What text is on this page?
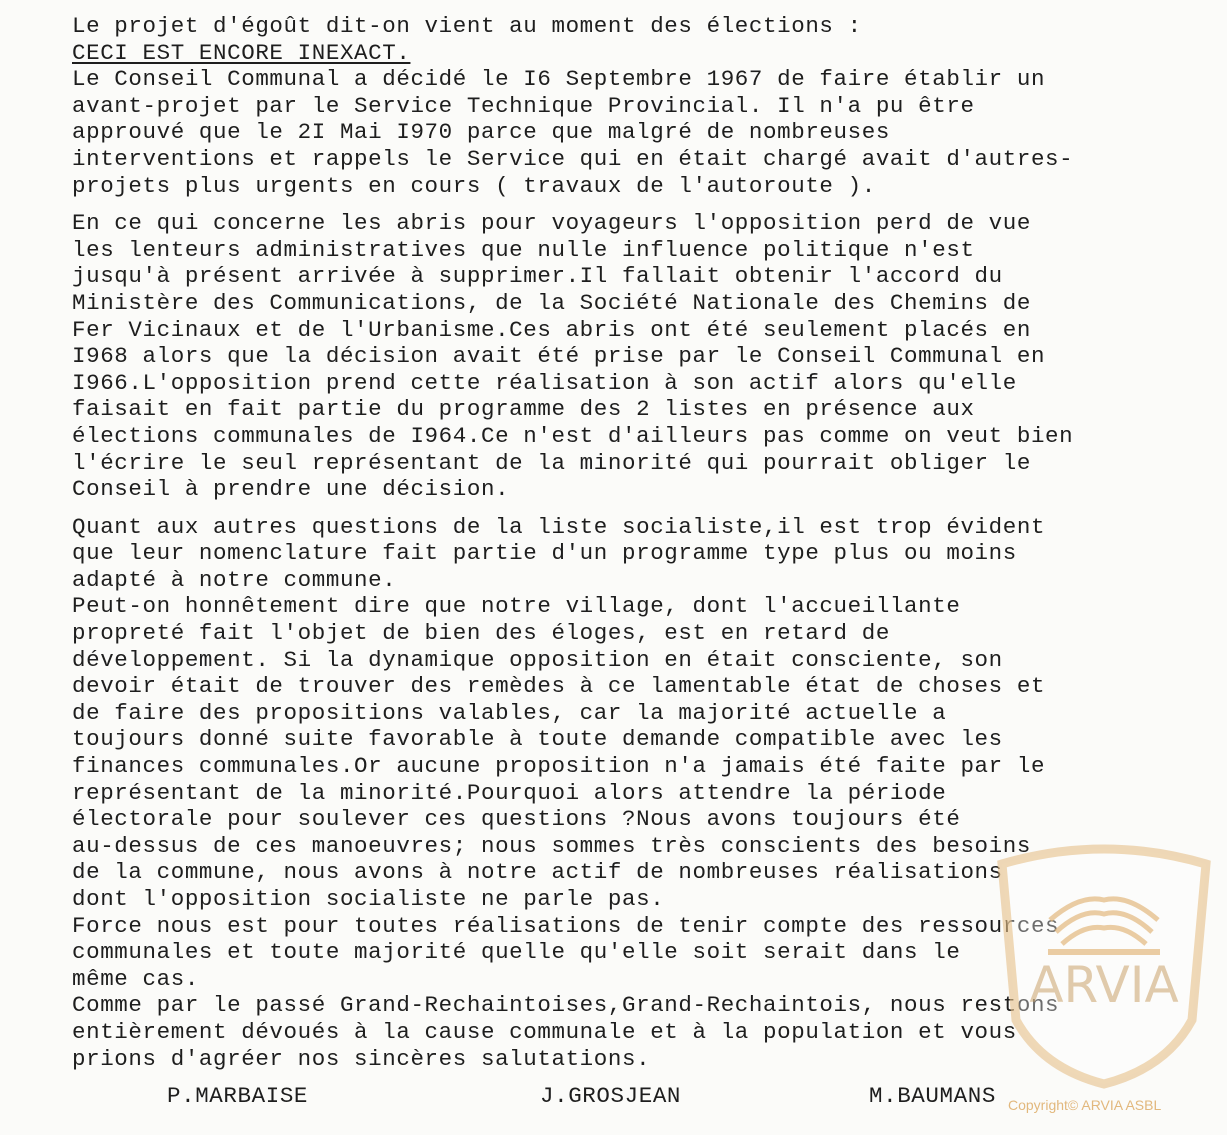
Le projet d'égoût dit-on vient au moment des élections :
CECI EST ENCORE INEXACT.
Le Conseil Communal a décidé le I6 Septembre 1967 de faire établir un
avant-projet par le Service Technique Provincial. Il n'a pu être
approuvé que le 2I Mai I970 parce que malgré de nombreuses
interventions et rappels le Service qui en était chargé avait d'autres-
projets plus urgents en cours ( travaux de l'autoroute ).
En ce qui concerne les abris pour voyageurs l'opposition perd de vue
les lenteurs administratives que nulle influence politique n'est
jusqu'à présent arrivée à supprimer.Il fallait obtenir l'accord du
Ministère des Communications, de la Société Nationale des Chemins de
Fer Vicinaux et de l'Urbanisme.Ces abris ont été seulement placés en
I968 alors que la décision avait été prise par le Conseil Communal en
I966.L'opposition prend cette réalisation à son actif alors qu'elle
faisait en fait partie du programme des 2 listes en présence aux
élections communales de I964.Ce n'est d'ailleurs pas comme on veut bien
l'écrire le seul représentant de la minorité qui pourrait obliger le
Conseil à prendre une décision.
Quant aux autres questions de la liste socialiste,il est trop évident
que leur nomenclature fait partie d'un programme type plus ou moins
adapté à notre commune.
Peut-on honnêtement dire que notre village, dont l'accueillante
propreté fait l'objet de bien des éloges, est en retard de
développement. Si la dynamique opposition en était consciente, son
devoir était de trouver des remèdes à ce lamentable état de choses et
de faire des propositions valables, car la majorité actuelle a
toujours donné suite favorable à toute demande compatible avec les
finances communales.Or aucune proposition n'a jamais été faite par le
représentant de la minorité.Pourquoi alors attendre la période
électorale pour soulever ces questions ?Nous avons toujours été
au-dessus de ces manoeuvres; nous sommes très conscients des besoins
de la commune, nous avons à notre actif de nombreuses réalisations
dont l'opposition socialiste ne parle pas.
Force nous est pour toutes réalisations de tenir compte des ressources
communales et toute majorité quelle qu'elle soit serait dans le
même cas.
Comme par le passé Grand-Rechaintoises,Grand-Rechaintois, nous restons
entièrement dévoués à la cause communale et à la population et vous
prions d'agréer nos sincères salutations.
P.MARBAISE	J.GROSJEAN	M.BAUMANS
ARVIA
Copyright© ARVIA ASBL
